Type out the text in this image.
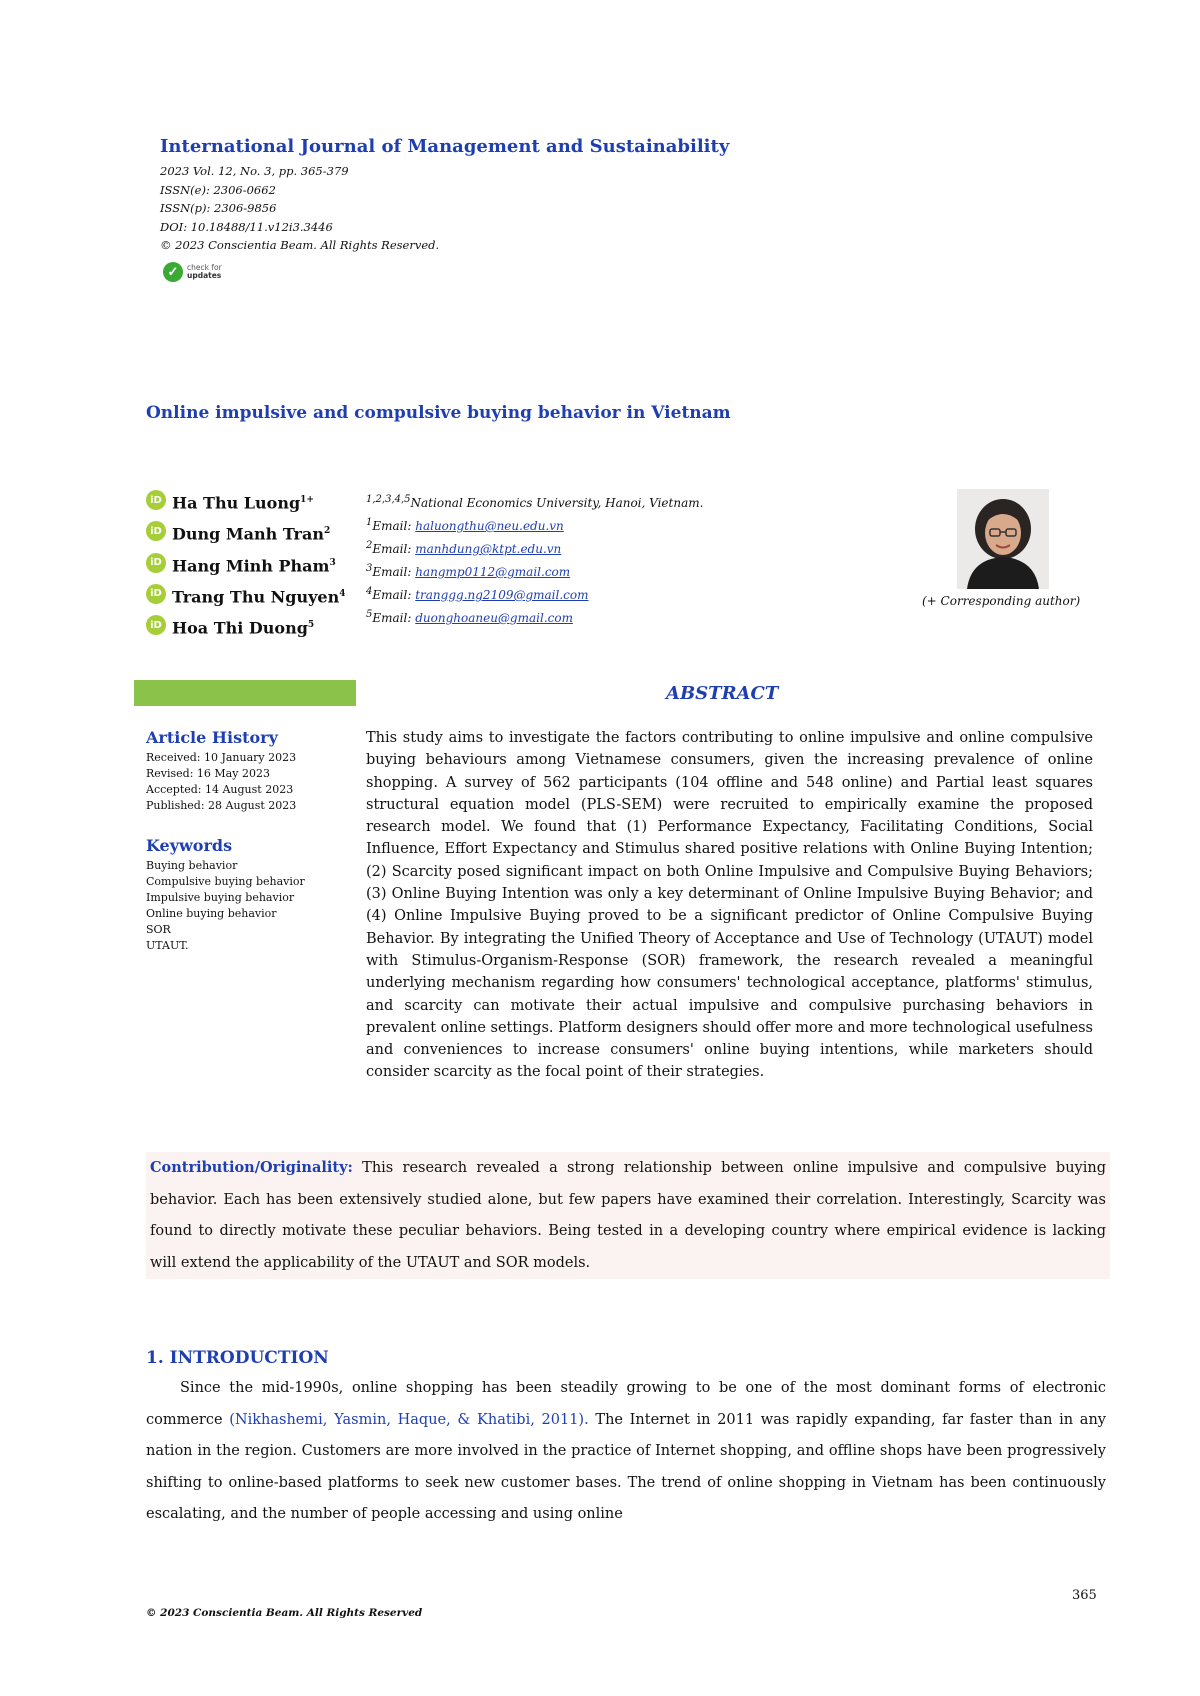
International Journal of Management and Sustainability
2023 Vol. 12, No. 3, pp. 365-379
ISSN(e): 2306-0662
ISSN(p): 2306-9856
DOI: 10.18488/11.v12i3.3446
© 2023 Conscientia Beam. All Rights Reserved.
✓	check for
updates
Online impulsive and compulsive buying behavior in Vietnam
iD Ha Thu Luong$^{1+}$
iD Dung Manh Tran$^2$
iD Hang Minh Pham$^3$
iD Trang Thu Nguyen$^4$
iD Hoa Thi Duong$^5$
$^{1,2,3,4,5}$National Economics University, Hanoi, Vietnam.
$^1$Email: haluongthu@neu.edu.vn
$^2$Email: manhdung@ktpt.edu.vn
$^3$Email: hangmp0112@gmail.com
$^4$Email: tranggg.ng2109@gmail.com
$^5$Email: duonghoaneu@gmail.com
(+ Corresponding author)
ABSTRACT
Article History
Received: 10 January 2023
Revised: 16 May 2023
Accepted: 14 August 2023
Published: 28 August 2023
Keywords
Buying behavior
Compulsive buying behavior
Impulsive buying behavior
Online buying behavior
SOR
UTAUT.
This study aims to investigate the factors contributing to online impulsive and online compulsive buying behaviours among Vietnamese consumers, given the increasing prevalence of online shopping. A survey of 562 participants (104 offline and 548 online) and Partial least squares structural equation model (PLS-SEM) were recruited to empirically examine the proposed research model. We found that (1) Performance Expectancy, Facilitating Conditions, Social Influence, Effort Expectancy and Stimulus shared positive relations with Online Buying Intention; (2) Scarcity posed significant impact on both Online Impulsive and Compulsive Buying Behaviors; (3) Online Buying Intention was only a key determinant of Online Impulsive Buying Behavior; and (4) Online Impulsive Buying proved to be a significant predictor of Online Compulsive Buying Behavior. By integrating the Unified Theory of Acceptance and Use of Technology (UTAUT) model with Stimulus-Organism-Response (SOR) framework, the research revealed a meaningful underlying mechanism regarding how consumers' technological acceptance, platforms' stimulus, and scarcity can motivate their actual impulsive and compulsive purchasing behaviors in prevalent online settings. Platform designers should offer more and more technological usefulness and conveniences to increase consumers' online buying intentions, while marketers should consider scarcity as the focal point of their strategies.
Contribution/Originality: This research revealed a strong relationship between online impulsive and compulsive buying behavior. Each has been extensively studied alone, but few papers have examined their correlation. Interestingly, Scarcity was found to directly motivate these peculiar behaviors. Being tested in a developing country where empirical evidence is lacking will extend the applicability of the UTAUT and SOR models.
1. INTRODUCTION
Since the mid-1990s, online shopping has been steadily growing to be one of the most dominant forms of electronic commerce (Nikhashemi, Yasmin, Haque, & Khatibi, 2011). The Internet in 2011 was rapidly expanding, far faster than in any nation in the region. Customers are more involved in the practice of Internet shopping, and offline shops have been progressively shifting to online-based platforms to seek new customer bases. The trend of online shopping in Vietnam has been continuously escalating, and the number of people accessing and using online
365
© 2023 Conscientia Beam. All Rights Reserved
